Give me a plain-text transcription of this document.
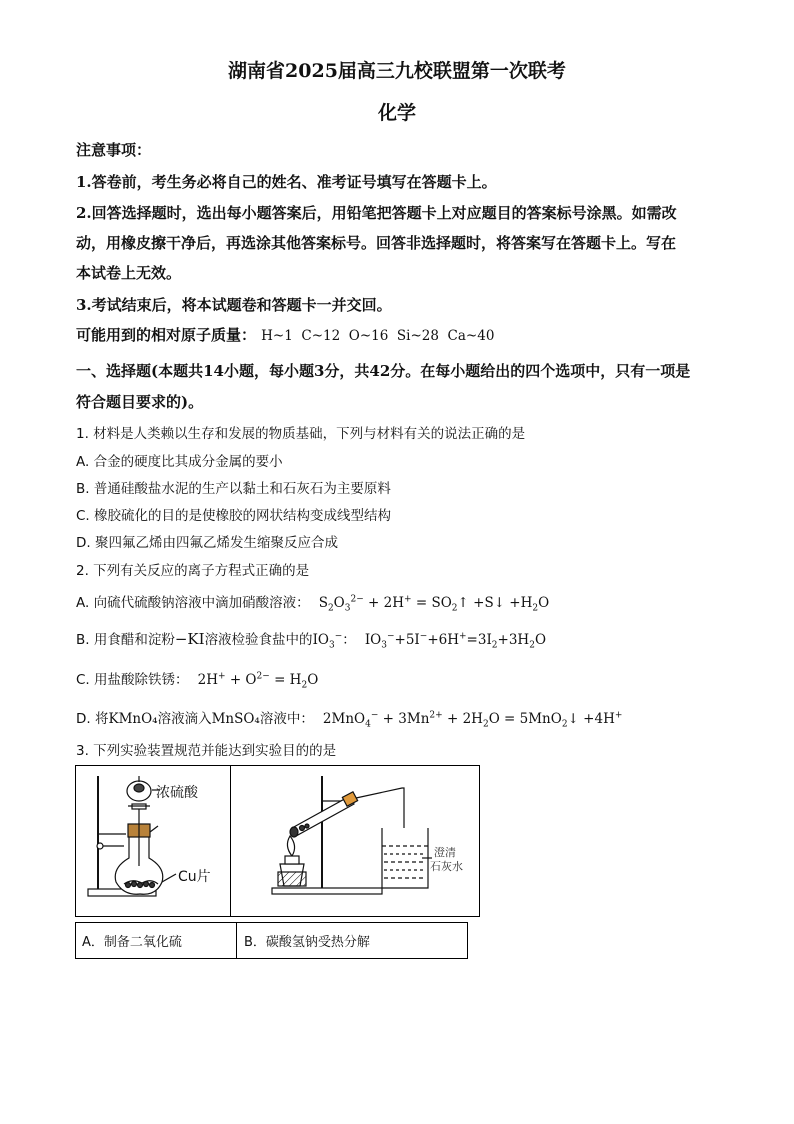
湖南省2025届高三九校联盟第一次联考
化学
注意事项：
1.答卷前，考生务必将自己的姓名、准考证号填写在答题卡上。
2.回答选择题时，选出每小题答案后，用铅笔把答题卡上对应题目的答案标号涂黑。如需改
动，用橡皮擦干净后，再选涂其他答案标号。回答非选择题时，将答案写在答题卡上。写在
本试卷上无效。
3.考试结束后，将本试题卷和答题卡一并交回。
可能用到的相对原子质量： H~1  C~12  O~16  Si~28  Ca~40
一、选择题(本题共14小题，每小题3分，共42分。在每小题给出的四个选项中，只有一项是
符合题目要求的)。
1. 材料是人类赖以生存和发展的物质基础，下列与材料有关的说法正确的是
A. 合金的硬度比其成分金属的要小
B. 普通硅酸盐水泥的生产以黏土和石灰石为主要原料
C. 橡胶硫化的目的是使橡胶的网状结构变成线型结构
D. 聚四氟乙烯由四氟乙烯发生缩聚反应合成
2. 下列有关反应的离子方程式正确的是
A. 向硫代硫酸钠溶液中滴加硝酸溶液： $S_2O_3^{2-} + 2H^+$ = $SO_2↑$ +S↓ $+H_2O$
B. 用食醋和淀粉−KI溶液检验食盐中的$IO_3^-$： $IO_3^-+5I^-+6H^+=3I_2+3H_2O$
C. 用盐酸除铁锈： $2H^+ + O^{2-} = H_2O$
D. 将KMnO₄溶液滴入MnSO₄溶液中： $2MnO_4^- + 3Mn^{2+} + 2H_2O$ = 5MnO$_2$↓ +4H+
3. 下列实验装置规范并能达到实验目的的是
浓硫酸
Cu片
澄清
石灰水
A．制备二氧化硫	B．碳酸氢钠受热分解
